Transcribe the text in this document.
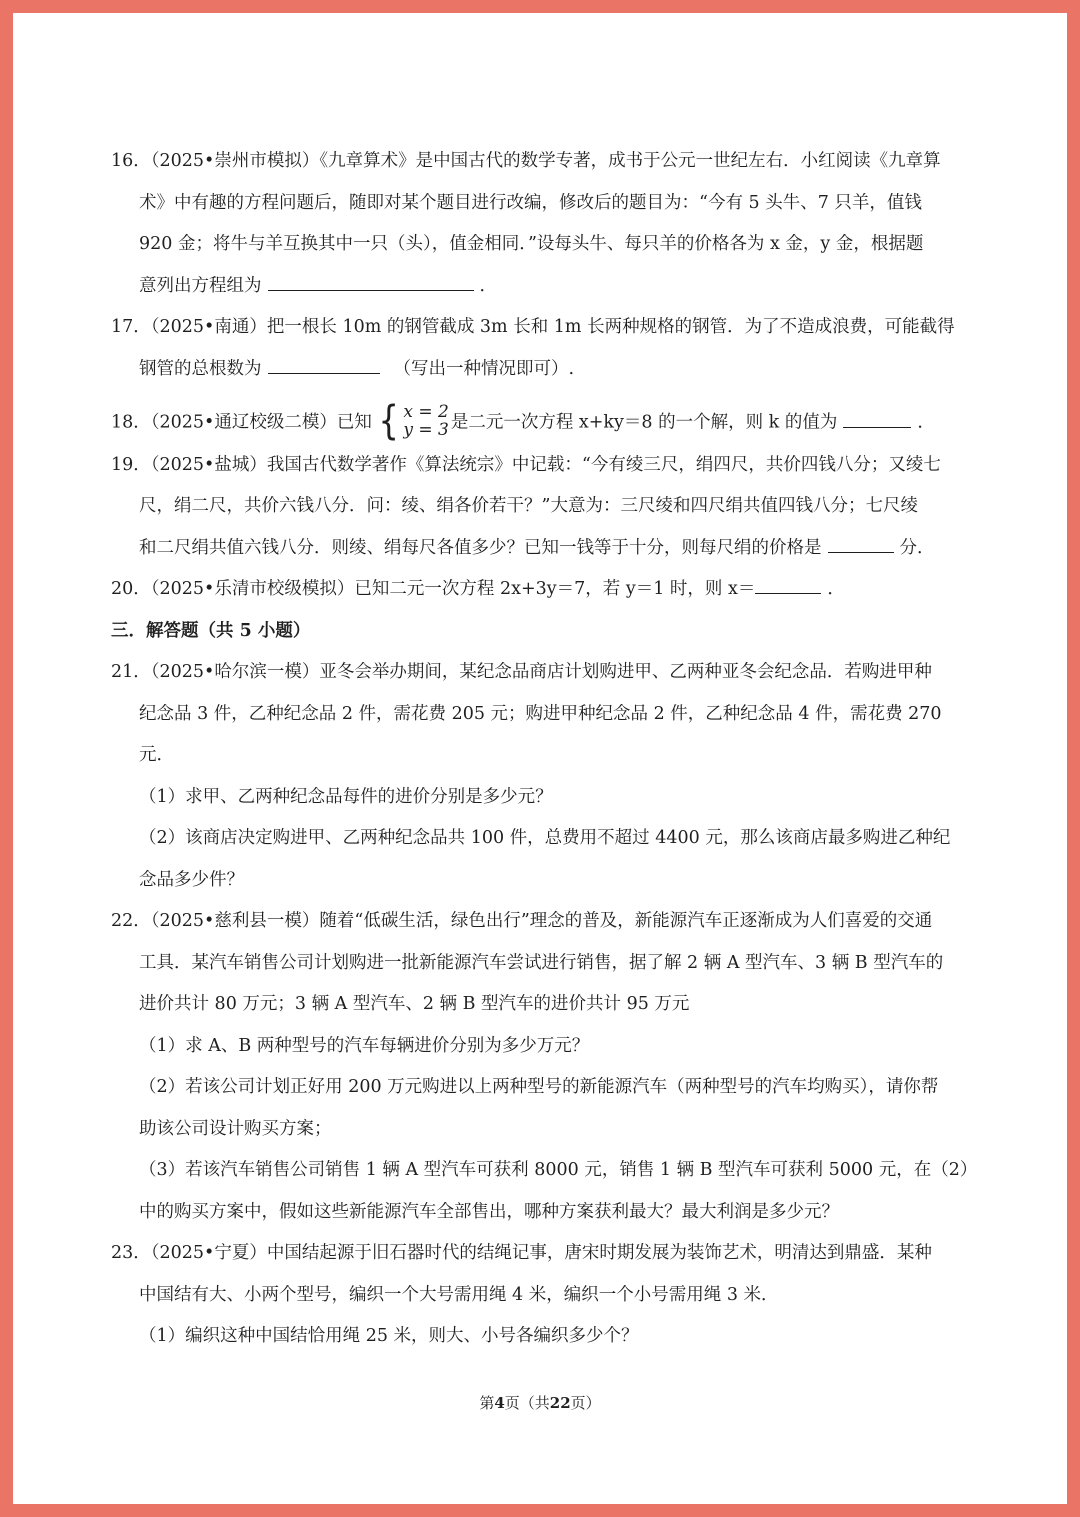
16．（2025•崇州市模拟）《九章算术》是中国古代的数学专著，成书于公元一世纪左右．小红阅读《九章算
术》中有趣的方程问题后，随即对某个题目进行改编，修改后的题目为：“今有 5 头牛、7 只羊，值钱
920 金；将牛与羊互换其中一只（头），值金相同．”设每头牛、每只羊的价格各为 x 金，y 金，根据题
意列出方程组为	．
17．（2025•南通）把一根长 10m 的钢管截成 3m 长和 1m 长两种规格的钢管．为了不造成浪费，可能截得
钢管的总根数为	（写出一种情况即可）.
18．（2025•通辽校级二模）已知 { x = 2
y = 3 是二元一次方程 x+ky＝8 的一个解，则 k 的值为	．
19．（2025•盐城）我国古代数学著作《算法统宗》中记载：“今有绫三尺，绢四尺，共价四钱八分；又绫七
尺，绢二尺，共价六钱八分．问：绫、绢各价若干？”大意为：三尺绫和四尺绢共值四钱八分；七尺绫
和二尺绢共值六钱八分．则绫、绢每尺各值多少？已知一钱等于十分，则每尺绢的价格是	分．
20．（2025•乐清市校级模拟）已知二元一次方程 2x+3y＝7，若 y＝1 时，则 x＝	．
三．解答题（共 5 小题）
21．（2025•哈尔滨一模）亚冬会举办期间，某纪念品商店计划购进甲、乙两种亚冬会纪念品．若购进甲种
纪念品 3 件，乙种纪念品 2 件，需花费 205 元；购进甲种纪念品 2 件，乙种纪念品 4 件，需花费 270
元．
（1）求甲、乙两种纪念品每件的进价分别是多少元？
（2）该商店决定购进甲、乙两种纪念品共 100 件，总费用不超过 4400 元，那么该商店最多购进乙种纪
念品多少件？
22．（2025•慈利县一模）随着“低碳生活，绿色出行”理念的普及，新能源汽车正逐渐成为人们喜爱的交通
工具．某汽车销售公司计划购进一批新能源汽车尝试进行销售，据了解 2 辆 A 型汽车、3 辆 B 型汽车的
进价共计 80 万元；3 辆 A 型汽车、2 辆 B 型汽车的进价共计 95 万元
（1）求 A、B 两种型号的汽车每辆进价分别为多少万元？
（2）若该公司计划正好用 200 万元购进以上两种型号的新能源汽车（两种型号的汽车均购买），请你帮
助该公司设计购买方案；
（3）若该汽车销售公司销售 1 辆 A 型汽车可获利 8000 元，销售 1 辆 B 型汽车可获利 5000 元，在（2）
中的购买方案中，假如这些新能源汽车全部售出，哪种方案获利最大？最大利润是多少元？
23．（2025•宁夏）中国结起源于旧石器时代的结绳记事，唐宋时期发展为装饰艺术，明清达到鼎盛．某种
中国结有大、小两个型号，编织一个大号需用绳 4 米，编织一个小号需用绳 3 米．
（1）编织这种中国结恰用绳 25 米，则大、小号各编织多少个？
第4页（共22页）
